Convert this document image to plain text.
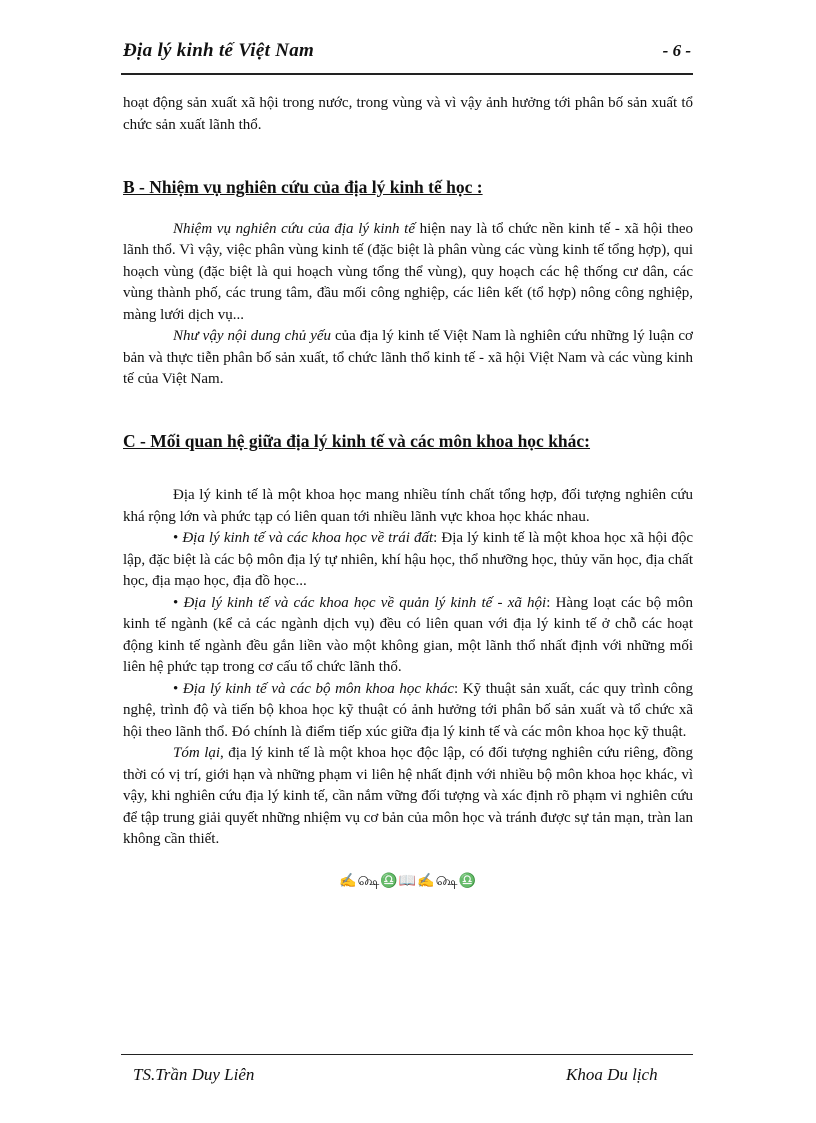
Địa lý kinh tế Việt Nam	- 6 -

hoạt động sản xuất xã hội trong nước, trong vùng và vì vậy ảnh hưởng tới phân bố sản xuất tổ chức sản xuất lãnh thổ.

B - Nhiệm vụ nghiên cứu của địa lý kinh tế học :

Nhiệm vụ nghiên cứu của địa lý kinh tế hiện nay là tổ chức nền kinh tế - xã hội theo lãnh thổ. Vì vậy, việc phân vùng kinh tế (đặc biệt là phân vùng các vùng kinh tế tổng hợp), qui hoạch vùng (đặc biệt là qui hoạch vùng tổng thể vùng), quy hoạch các hệ thống cư dân, các vùng thành phố, các trung tâm, đầu mối công nghiệp, các liên kết (tổ hợp) nông công nghiệp, màng lưới dịch vụ...

Như vậy nội dung chủ yếu của địa lý kinh tế Việt Nam là nghiên cứu những lý luận cơ bản và thực tiễn phân bố sản xuất, tổ chức lãnh thổ kinh tế - xã hội Việt Nam và các vùng kinh tế của Việt Nam.

C - Mối quan hệ giữa địa lý kinh tế và các môn khoa học khác:

Địa lý kinh tế là một khoa học mang nhiều tính chất tổng hợp, đối tượng nghiên cứu khá rộng lớn và phức tạp có liên quan tới nhiều lãnh vực khoa học khác nhau.

• Địa lý kinh tế và các khoa học về trái đất: Địa lý kinh tế là một khoa học xã hội độc lập, đặc biệt là các bộ môn địa lý tự nhiên, khí hậu học, thổ nhưỡng học, thủy văn học, địa chất học, địa mạo học, địa đồ học...

• Địa lý kinh tế và các khoa học về quản lý kinh tế - xã hội: Hàng loạt các bộ môn kinh tế ngành (kể cả các ngành dịch vụ) đều có liên quan với địa lý kinh tế ở chỗ các hoạt động kinh tế ngành đều gắn liền vào một không gian, một lãnh thổ nhất định với những mối liên hệ phức tạp trong cơ cấu tổ chức lãnh thổ.

• Địa lý kinh tế và các bộ môn khoa học khác: Kỹ thuật sản xuất, các quy trình công nghệ, trình độ và tiến bộ khoa học kỹ thuật có ảnh hưởng tới phân bố sản xuất và tổ chức xã hội theo lãnh thổ. Đó chính là điểm tiếp xúc giữa địa lý kinh tế và các môn khoa học kỹ thuật.

Tóm lại, địa lý kinh tế là một khoa học độc lập, có đối tượng nghiên cứu riêng, đồng thời có vị trí, giới hạn và những phạm vi liên hệ nhất định với nhiều bộ môn khoa học khác, vì vậy, khi nghiên cứu địa lý kinh tế, cần nắm vững đối tượng và xác định rõ phạm vi nghiên cứu để tập trung giải quyết những nhiệm vụ cơ bản của môn học và tránh được sự tản mạn, tràn lan không cần thiết.

✍௸♎📖✍௸♎
TS.Trần Duy Liên	Khoa Du lịch
